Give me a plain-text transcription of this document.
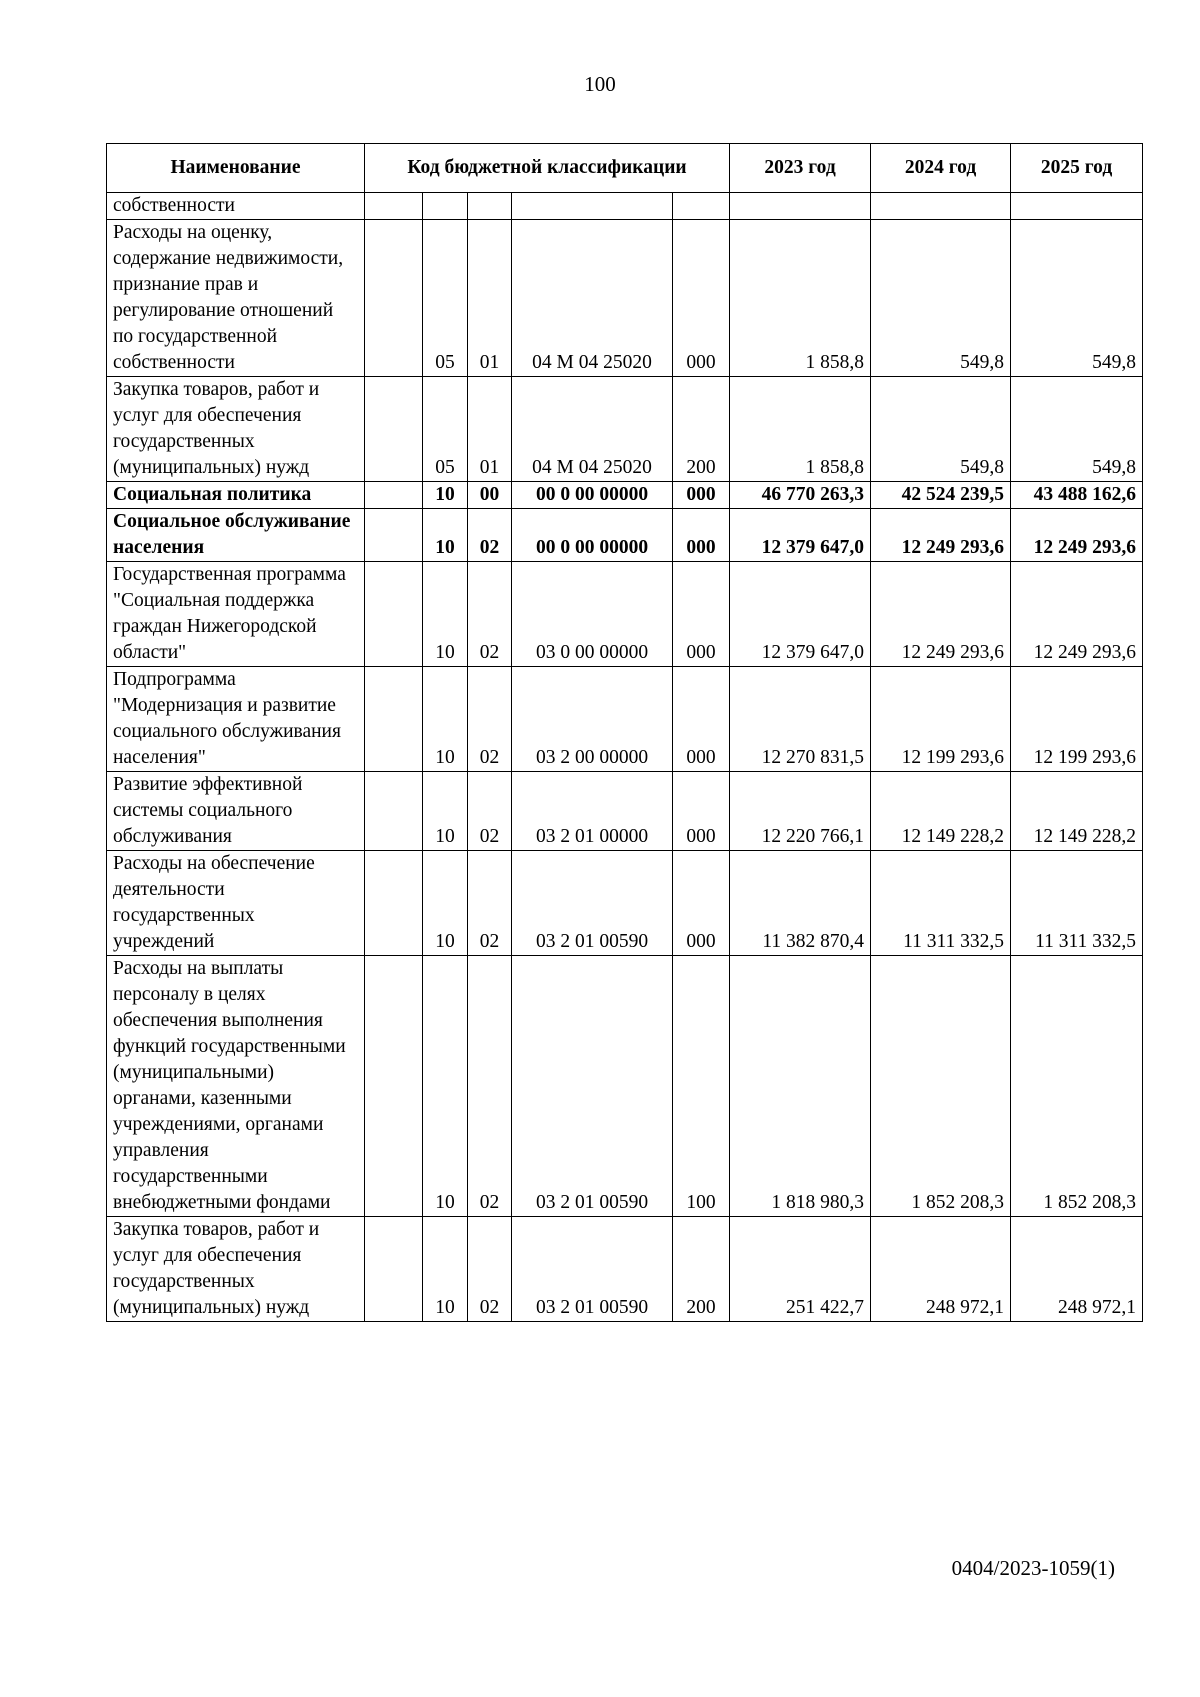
100
Наименование	Код бюджетной классификации					2023 год	2024 год	2025 год
собственности								
Расходы на оценку, содержание недвижимости, признание прав и регулирование отношений по государственной собственности		05	01	04 М 04 25020	000	1 858,8	549,8	549,8
Закупка товаров, работ и услуг для обеспечения государственных (муниципальных) нужд		05	01	04 М 04 25020	200	1 858,8	549,8	549,8
Социальная политика		10	00	00 0 00 00000	000	46 770 263,3	42 524 239,5	43 488 162,6
Социальное обслуживание населения		10	02	00 0 00 00000	000	12 379 647,0	12 249 293,6	12 249 293,6
Государственная программа "Социальная поддержка граждан Нижегородской области"		10	02	03 0 00 00000	000	12 379 647,0	12 249 293,6	12 249 293,6
Подпрограмма "Модернизация и развитие социального обслуживания населения"		10	02	03 2 00 00000	000	12 270 831,5	12 199 293,6	12 199 293,6
Развитие эффективной системы социального обслуживания		10	02	03 2 01 00000	000	12 220 766,1	12 149 228,2	12 149 228,2
Расходы на обеспечение деятельности государственных учреждений		10	02	03 2 01 00590	000	11 382 870,4	11 311 332,5	11 311 332,5
Расходы на выплаты персоналу в целях обеспечения выполнения функций государственными (муниципальными) органами, казенными учреждениями, органами управления государственными внебюджетными фондами		10	02	03 2 01 00590	100	1 818 980,3	1 852 208,3	1 852 208,3
Закупка товаров, работ и услуг для обеспечения государственных (муниципальных) нужд		10	02	03 2 01 00590	200	251 422,7	248 972,1	248 972,1
0404/2023-1059(1)
